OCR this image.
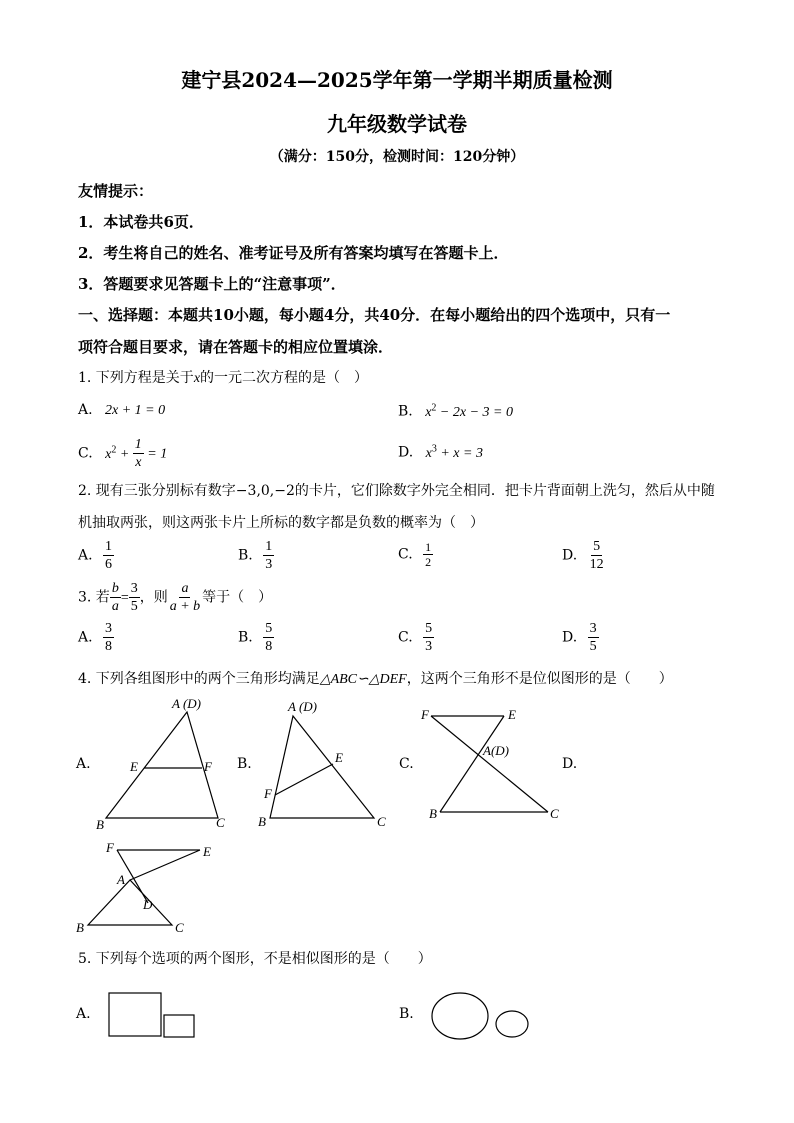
建宁县2024—2025学年第一学期半期质量检测
九年级数学试卷
（满分：150分，检测时间：120分钟）
友情提示：
1．本试卷共6页．
2．考生将自己的姓名、准考证号及所有答案均填写在答题卡上．
3．答题要求见答题卡上的“注意事项”．
一、选择题：本题共10小题，每小题4分，共40分．在每小题给出的四个选项中，只有一
项符合题目要求，请在答题卡的相应位置填涂．
1. 下列方程是关于x的一元二次方程的是（　）
A. 2x + 1 = 0	B. $x^2 - 2x - 3 = 0$
C. $x^2 + \frac{1}{x} = 1$	D. $x^3 + x = 3$
2. 现有三张分别标有数字−3,0,−2的卡片，它们除数字外完全相同．把卡片背面朝上洗匀，然后从中随
机抽取两张，则这两张卡片上所标的数字都是负数的概率为（　）
A. $\frac{1}{6}$	B. $\frac{1}{3}$	C. $\frac{1}{2}$	D. $\frac{5}{12}$
3. 若 $\frac{b}{a} = \frac{3}{5}$ ，则 $\frac{a}{a + b}$ 等于（　）
A. $\frac{3}{8}$	B. $\frac{5}{8}$	C. $\frac{5}{3}$	D. $\frac{3}{5}$
4. 下列各组图形中的两个三角形均满足△ABC∽△DEF，这两个三角形不是位似图形的是（　　）
A.	B.	C.	D.
A (D)
E	F
B	C
A (D)
E
F
B	C
F	E
A(D)
B	C
F	E
A
D
B	C
5. 下列每个选项的两个图形，不是相似图形的是（　　）
A.	B.
